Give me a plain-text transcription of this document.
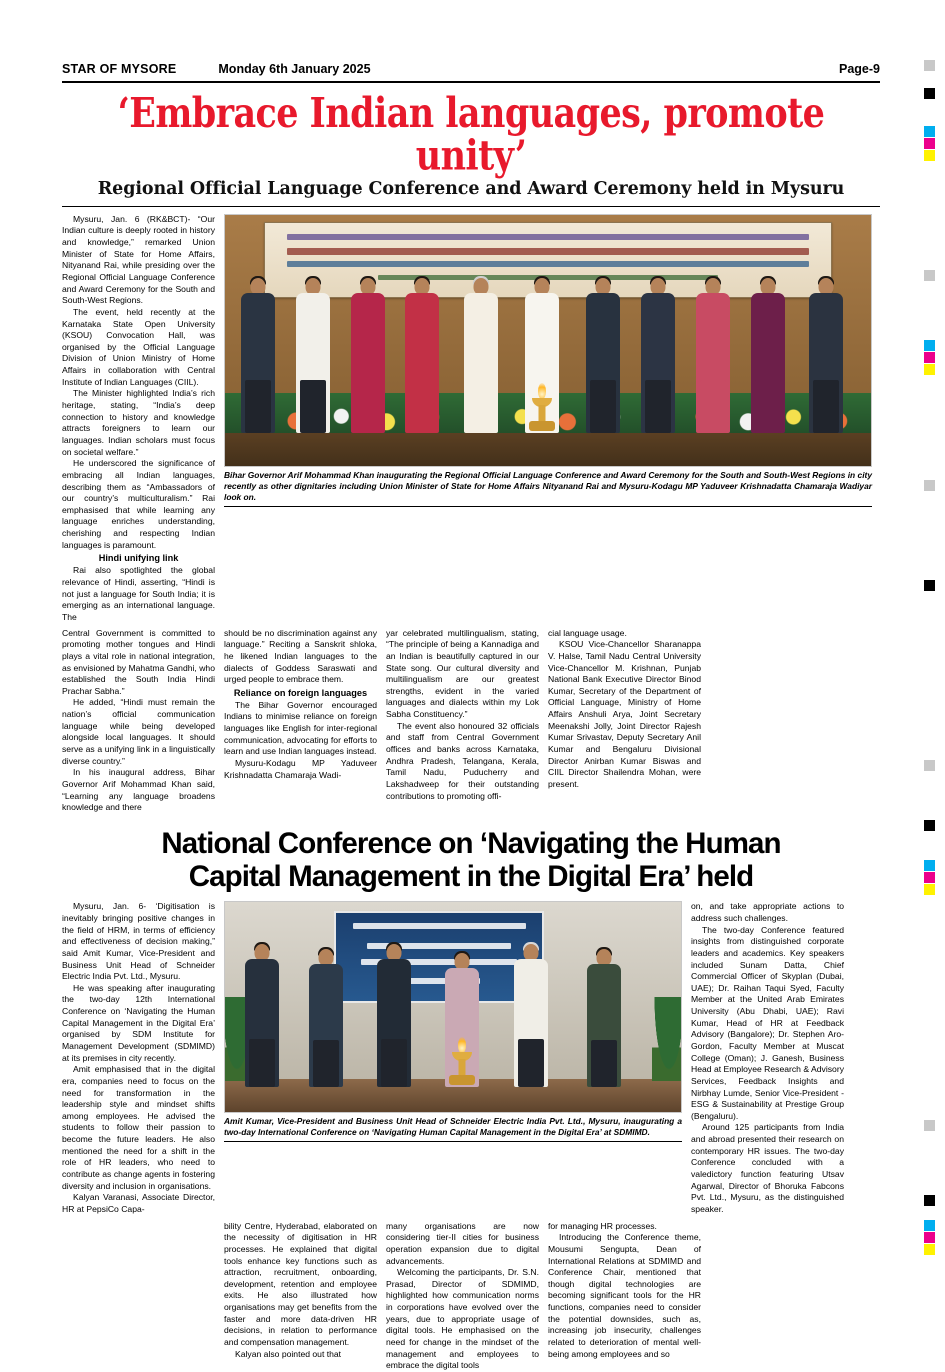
STAR OF MYSORE	Monday 6th January 2025	Page-9
‘Embrace Indian languages, promote unity’
Regional Official Language Conference and Award Ceremony held in Mysuru

Mysuru, Jan. 6 (RK&BCT)- “Our Indian culture is deeply rooted in history and knowledge,” remarked Union Minister of State for Home Affairs, Nityanand Rai, while presiding over the Regional Official Language Conference and Award Ceremony for the South and South-West Regions.

The event, held recently at the Karnataka State Open University (KSOU) Convocation Hall, was organised by the Official Language Division of Union Ministry of Home Affairs in collaboration with Central Institute of Indian Languages (CIIL).

The Minister highlighted India’s rich heritage, stating, “India’s deep connection to history and knowledge attracts foreigners to learn our languages. Indian scholars must focus on societal welfare.”

He underscored the significance of embracing all Indian languages, describing them as “Ambassadors of our country’s multiculturalism.” Rai emphasised that while learning any language enriches understanding, cherishing and respecting Indian languages is paramount.

Hindi unifying link

Rai also spotlighted the global relevance of Hindi, asserting, “Hindi is not just a language for South India; it is emerging as an international language. The

Bihar Governor Arif Mohammad Khan inaugurating the Regional Official Language Conference and Award Ceremony for the South and South-West Regions in city recently as other dignitaries including Union Minister of State for Home Affairs Nityanand Rai and Mysuru-Kodagu MP Yaduveer Krishnadatta Chamaraja Wadiyar look on.

Central Government is committed to promoting mother tongues and Hindi plays a vital role in national integration, as envisioned by Mahatma Gandhi, who established the South India Hindi Prachar Sabha.”

He added, “Hindi must remain the nation’s official communication language while being developed alongside local languages. It should serve as a unifying link in a linguistically diverse country.”

In his inaugural address, Bihar Governor Arif Mohammad Khan said, “Learning any language broadens knowledge and there

should be no discrimination against any language.” Reciting a Sanskrit shloka, he likened Indian languages to the dialects of Goddess Saraswati and urged people to embrace them.

Reliance on foreign languages

The Bihar Governor encouraged Indians to minimise reliance on foreign languages like English for inter-regional communication, advocating for efforts to learn and use Indian languages instead.

Mysuru-Kodagu MP Yaduveer Krishnadatta Chamaraja Wadi-

yar celebrated multilingualism, stating, “The principle of being a Kannadiga and an Indian is beautifully captured in our State song. Our cultural diversity and multilingualism are our greatest strengths, evident in the varied languages and dialects within my Lok Sabha Constituency.”

The event also honoured 32 officials and staff from Central Government offices and banks across Karnataka, Andhra Pradesh, Telangana, Kerala, Tamil Nadu, Puducherry and Lakshadweep for their outstanding contributions to promoting offi-

cial language usage.

KSOU Vice-Chancellor Sharanappa V. Halse, Tamil Nadu Central University Vice-Chancellor M. Krishnan, Punjab National Bank Executive Director Binod Kumar, Secretary of the Department of Official Language, Ministry of Home Affairs Anshuli Arya, Joint Secretary Meenakshi Jolly, Joint Director Rajesh Kumar Srivastav, Deputy Secretary Anil Kumar and Bengaluru Divisional Director Anirban Kumar Biswas and CIIL Director Shailendra Mohan, were present.

National Conference on ‘Navigating the Human
Capital Management in the Digital Era’ held

Mysuru, Jan. 6- ‘Digitisation is inevitably bringing positive changes in the field of HRM, in terms of efficiency and effectiveness of decision making,” said Amit Kumar, Vice-President and Business Unit Head of Schneider Electric India Pvt. Ltd., Mysuru.

He was speaking after inaugurating the two-day 12th International Conference on ‘Navigating the Human Capital Management in the Digital Era’ organised by SDM Institute for Management Development (SDMIMD) at its premises in city recently.

Amit emphasised that in the digital era, companies need to focus on the need for transformation in the leadership style and mindset shifts among employees. He advised the students to follow their passion to become the future leaders. He also mentioned the need for a shift in the role of HR leaders, who need to contribute as change agents in fostering diversity and inclusion in organisations.

Kalyan Varanasi, Associate Director, HR at PepsiCo Capa-

Amit Kumar, Vice-President and Business Unit Head of Schneider Electric India Pvt. Ltd., Mysuru, inaugurating a two-day International Conference on ‘Navigating Human Capital Management in the Digital Era’ at SDMIMD.

on, and take appropriate actions to address such challenges.

The two-day Conference featured insights from distinguished corporate leaders and academics. Key speakers included Sunam Datta, Chief Commercial Officer of Skyplan (Dubai, UAE); Dr. Raihan Taqui Syed, Faculty Member at the United Arab Emirates University (Abu Dhabi, UAE); Ravi Kumar, Head of HR at Feedback Advisory (Bangalore); Dr. Stephen Aro-Gordon, Faculty Member at Muscat College (Oman); J. Ganesh, Business Head at Employee Research & Advisory Services, Feedback Insights and Nirbhay Lumde, Senior Vice-President - ESG & Sustainability at Prestige Group (Bengaluru).

Around 125 participants from India and abroad presented their research on contemporary HR issues. The two-day Conference concluded with a valedictory function featuring Utsav Agarwal, Director of Bhoruka Fabcons Pvt. Ltd., Mysuru, as the distinguished speaker.

bility Centre, Hyderabad, elaborated on the necessity of digitisation in HR processes. He explained that digital tools enhance key functions such as attraction, recruitment, onboarding, development, retention and employee exits. He also illustrated how organisations may get benefits from the faster and more data-driven HR decisions, in relation to performance and compensation management.

Kalyan also pointed out that

many organisations are now considering tier-II cities for business operation expansion due to digital advancements.

Welcoming the participants, Dr. S.N. Prasad, Director of SDMIMD, highlighted how communication norms in corporations have evolved over the years, due to appropriate usage of digital tools. He emphasised on the need for change in the mindset of the management and employees to embrace the digital tools

for managing HR processes.

Introducing the Conference theme, Mousumi Sengupta, Dean of International Relations at SDMIMD and Conference Chair, mentioned that though digital technologies are becoming significant tools for the HR functions, companies need to consider the potential downsides, such as, increasing job insecurity, challenges related to deterioration of mental well-being among employees and so
